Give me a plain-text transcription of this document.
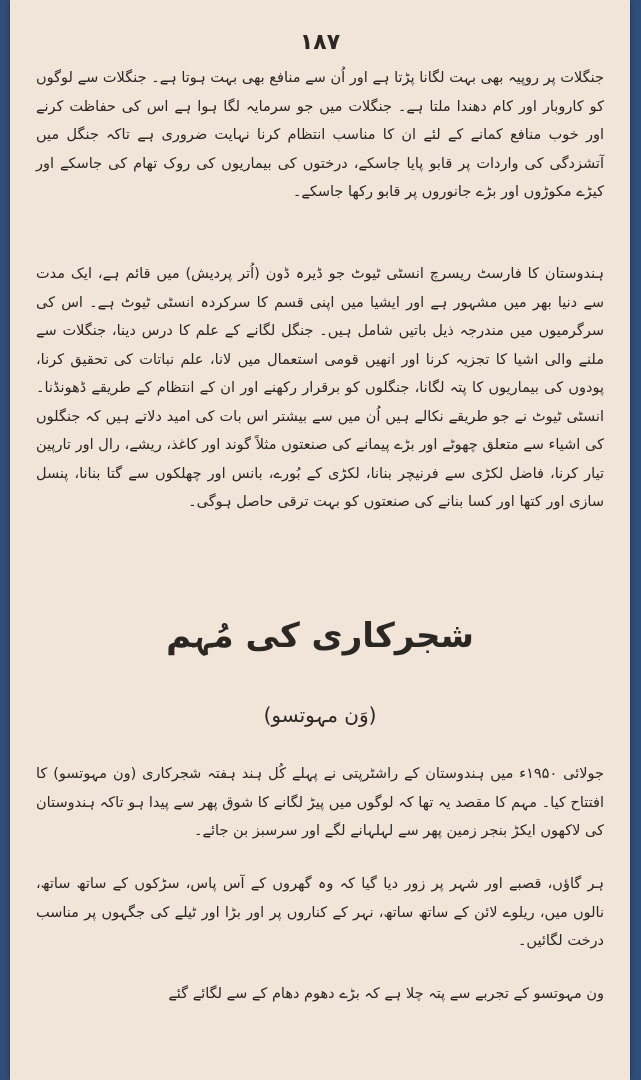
۱۸۷

جنگلات پر روپیہ بھی بہت لگانا پڑتا ہے اور اُن سے منافع بھی بہت ہوتا ہے۔ جنگلات سے لوگوں کو کاروبار اور کام دھندا ملتا ہے۔ جنگلات میں جو سرمایہ لگا ہوا ہے اس کی حفاظت کرنے اور خوب منافع کمانے کے لئے ان کا مناسب انتظام کرنا نہایت ضروری ہے تاکہ جنگل میں آتشزدگی کی واردات پر قابو پایا جاسکے، درختوں کی بیماریوں کی روک تھام کی جاسکے اور کیڑے مکوڑوں اور بڑے جانوروں پر قابو رکھا جاسکے۔

ہندوستان کا فارسٹ ریسرچ انسٹی ٹیوٹ جو ڈیرہ ڈون (اُتر پردیش) میں قائم ہے، ایک مدت سے دنیا بھر میں مشہور ہے اور ایشیا میں اپنی قسم کا سرکردہ انسٹی ٹیوٹ ہے۔ اس کی سرگرمیوں میں مندرجہ ذیل باتیں شامل ہیں۔ جنگل لگانے کے علم کا درس دینا، جنگلات سے ملنے والی اشیا کا تجزیہ کرنا اور انھیں قومی استعمال میں لانا، علم نباتات کی تحقیق کرنا، پودوں کی بیماریوں کا پتہ لگانا، جنگلوں کو برقرار رکھنے اور ان کے انتظام کے طریقے ڈھونڈنا۔ انسٹی ٹیوٹ نے جو طریقے نکالے ہیں اُن میں سے بیشتر اس بات کی امید دلاتے ہیں کہ جنگلوں کی اشیاء سے متعلق چھوٹے اور بڑے پیمانے کی صنعتوں مثلاً گوند اور کاغذ، ریشے، رال اور تارپین تیار کرنا، فاضل لکڑی سے فرنیچر بنانا، لکڑی کے بُورے، بانس اور چھلکوں سے گتا بنانا، پنسل سازی اور کتھا اور کسا بنانے کی صنعتوں کو بہت ترقی حاصل ہوگی۔

شجرکاری کی مُہم
(وَن مہوتسو)

جولائی ۱۹۵۰ء میں ہندوستان کے راشٹرپتی نے پہلے کُل ہند ہفتہ شجرکاری (ون مہوتسو) کا افتتاح کیا۔ مہم کا مقصد یہ تھا کہ لوگوں میں پیڑ لگانے کا شوق پھر سے پیدا ہو تاکہ ہندوستان کی لاکھوں ایکڑ بنجر زمین پھر سے لہلہانے لگے اور سرسبز بن جائے۔

ہر گاؤں، قصبے اور شہر پر زور دیا گیا کہ وہ گھروں کے آس پاس، سڑکوں کے ساتھ ساتھ، نالوں میں، ریلوے لائن کے ساتھ ساتھ، نہر کے کناروں پر اور بڑا اور ٹیلے کی جگہوں پر مناسب درخت لگائیں۔

ون مہوتسو کے تجربے سے پتہ چلا ہے کہ بڑے دھوم دھام کے سے لگائے گئے
